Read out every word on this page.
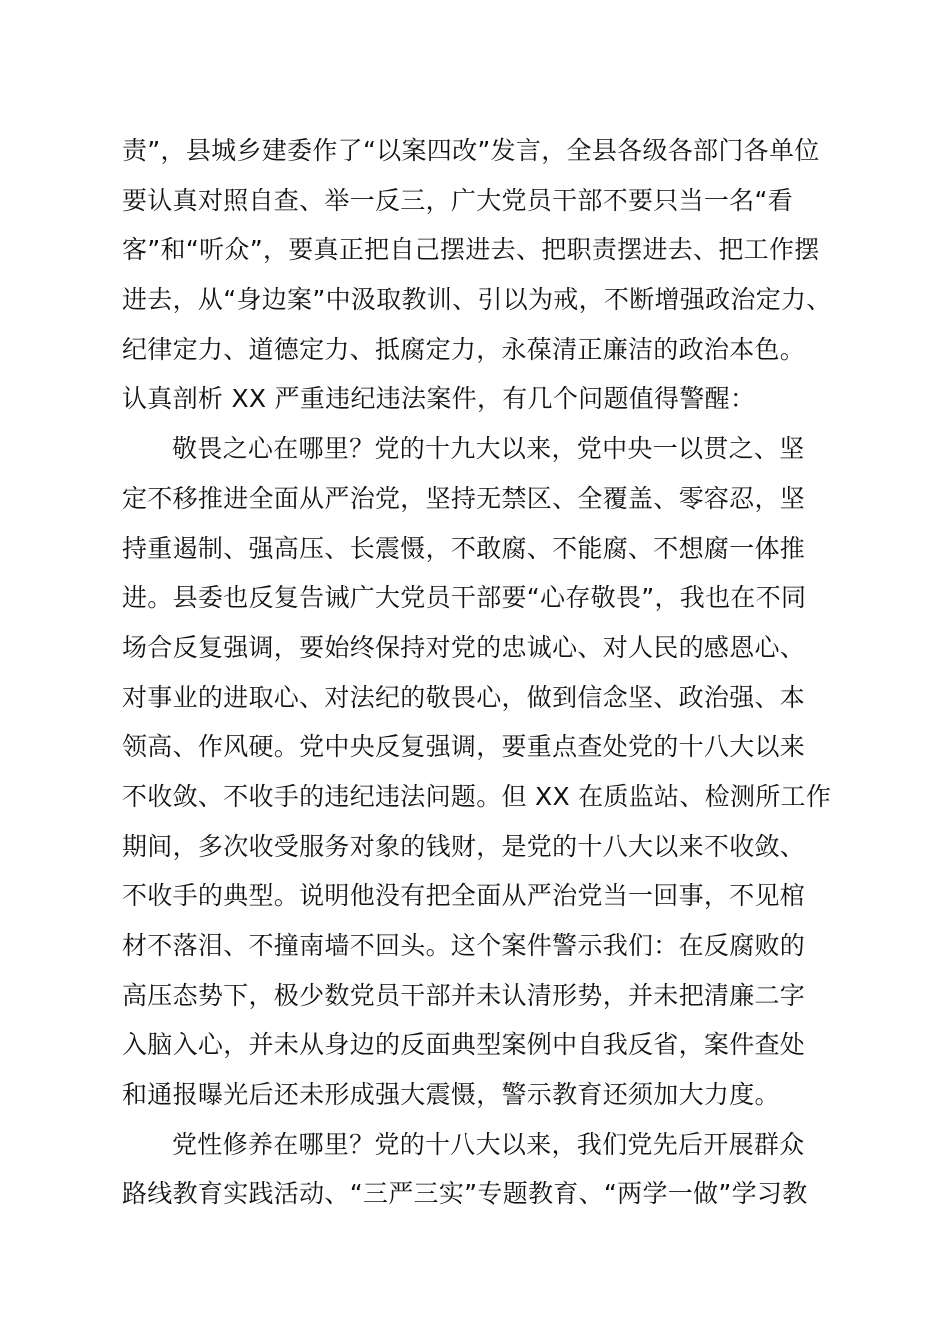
责”，县城乡建委作了“以案四改”发言，全县各级各部门各单位
要认真对照自查、举一反三，广大党员干部不要只当一名“看
客”和“听众”，要真正把自己摆进去、把职责摆进去、把工作摆
进去，从“身边案”中汲取教训、引以为戒，不断增强政治定力、
纪律定力、道德定力、抵腐定力，永葆清正廉洁的政治本色。
认真剖析 XX 严重违纪违法案件，有几个问题值得警醒：
敬畏之心在哪里？党的十九大以来，党中央一以贯之、坚
定不移推进全面从严治党，坚持无禁区、全覆盖、零容忍，坚
持重遏制、强高压、长震慑，不敢腐、不能腐、不想腐一体推
进。县委也反复告诫广大党员干部要“心存敬畏”，我也在不同
场合反复强调，要始终保持对党的忠诚心、对人民的感恩心、
对事业的进取心、对法纪的敬畏心，做到信念坚、政治强、本
领高、作风硬。党中央反复强调，要重点查处党的十八大以来
不收敛、不收手的违纪违法问题。但 XX 在质监站、检测所工作
期间，多次收受服务对象的钱财，是党的十八大以来不收敛、
不收手的典型。说明他没有把全面从严治党当一回事，不见棺
材不落泪、不撞南墙不回头。这个案件警示我们：在反腐败的
高压态势下，极少数党员干部并未认清形势，并未把清廉二字
入脑入心，并未从身边的反面典型案例中自我反省，案件查处
和通报曝光后还未形成强大震慑，警示教育还须加大力度。
党性修养在哪里？党的十八大以来，我们党先后开展群众
路线教育实践活动、“三严三实”专题教育、“两学一做”学习教
